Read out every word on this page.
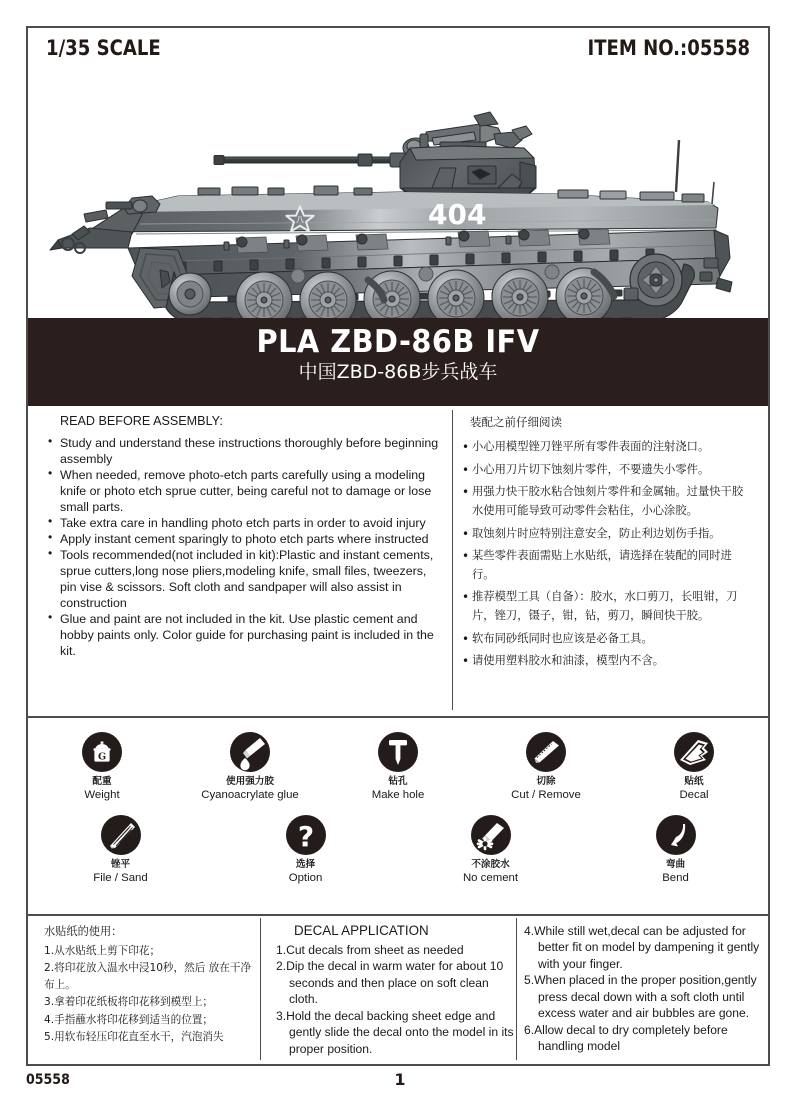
1/35 SCALE	ITEM NO.:05558
八	404
PLA ZBD-86B IFV
中国ZBD-86B步兵战车
READ BEFORE ASSEMBLY:
• Study and understand these instructions thoroughly before beginning assembly
• When needed, remove photo-etch parts carefully using a modeling knife or photo etch sprue cutter, being careful not to damage or lose small parts.
• Take extra care in handling photo etch parts in order to avoid injury
• Apply instant cement sparingly to photo etch parts where instructed
• Tools recommended(not included in kit):Plastic and instant cements, sprue cutters,long nose pliers,modeling knife, small files, tweezers, pin vise & scissors. Soft cloth and sandpaper will also assist in construction
• Glue and paint are not included in the kit. Use plastic cement and hobby paints only. Color guide for purchasing paint is included in the kit.
装配之前仔细阅读
• 小心用模型锉刀锉平所有零件表面的注射浇口。
• 小心用刀片切下蚀刻片零件，不要遗失小零件。
• 用强力快干胶水粘合蚀刻片零件和金属轴。过量快干胶水使用可能导致可动零件会粘住，小心涂胶。
• 取蚀刻片时应特别注意安全，防止利边划伤手指。
• 某些零件表面需贴上水贴纸，请选择在装配的同时进行。
• 推荐模型工具（自备）：胶水，水口剪刀，长咀钳，刀片，锉刀，镊子，钳，钻，剪刀，瞬间快干胶。
• 软布同砂纸同时也应该是必备工具。
• 请使用塑料胶水和油漆，模型内不含。
G
配重
Weight
使用强力胶
Cyanoacrylate glue
钻孔
Make hole
切除
Cut / Remove
贴纸
Decal
锉平
File / Sand
?
选择
Option
不涂胶水
No cement
弯曲
Bend
水贴纸的使用：
1.从水贴纸上剪下印花；
2.将印花放入温水中浸10秒，然后 放在干净布上。
3.拿着印花纸板将印花移到模型上；
4.手指蘸水将印花移到适当的位置；
5.用软布轻压印花直至水干，汽泡消失
DECAL APPLICATION
1.Cut decals from sheet as needed
2.Dip the decal in warm water for about 10 seconds and then place on soft clean cloth.
3.Hold the decal backing sheet edge and gently slide the decal onto the model in its proper position.
4.While still wet,decal can be adjusted for better fit on model by dampening it gently with your finger.
5.When placed in the proper position,gently press decal down with a soft cloth until excess water and air bubbles are gone.
6.Allow decal to dry completely before handling model
05558	1
